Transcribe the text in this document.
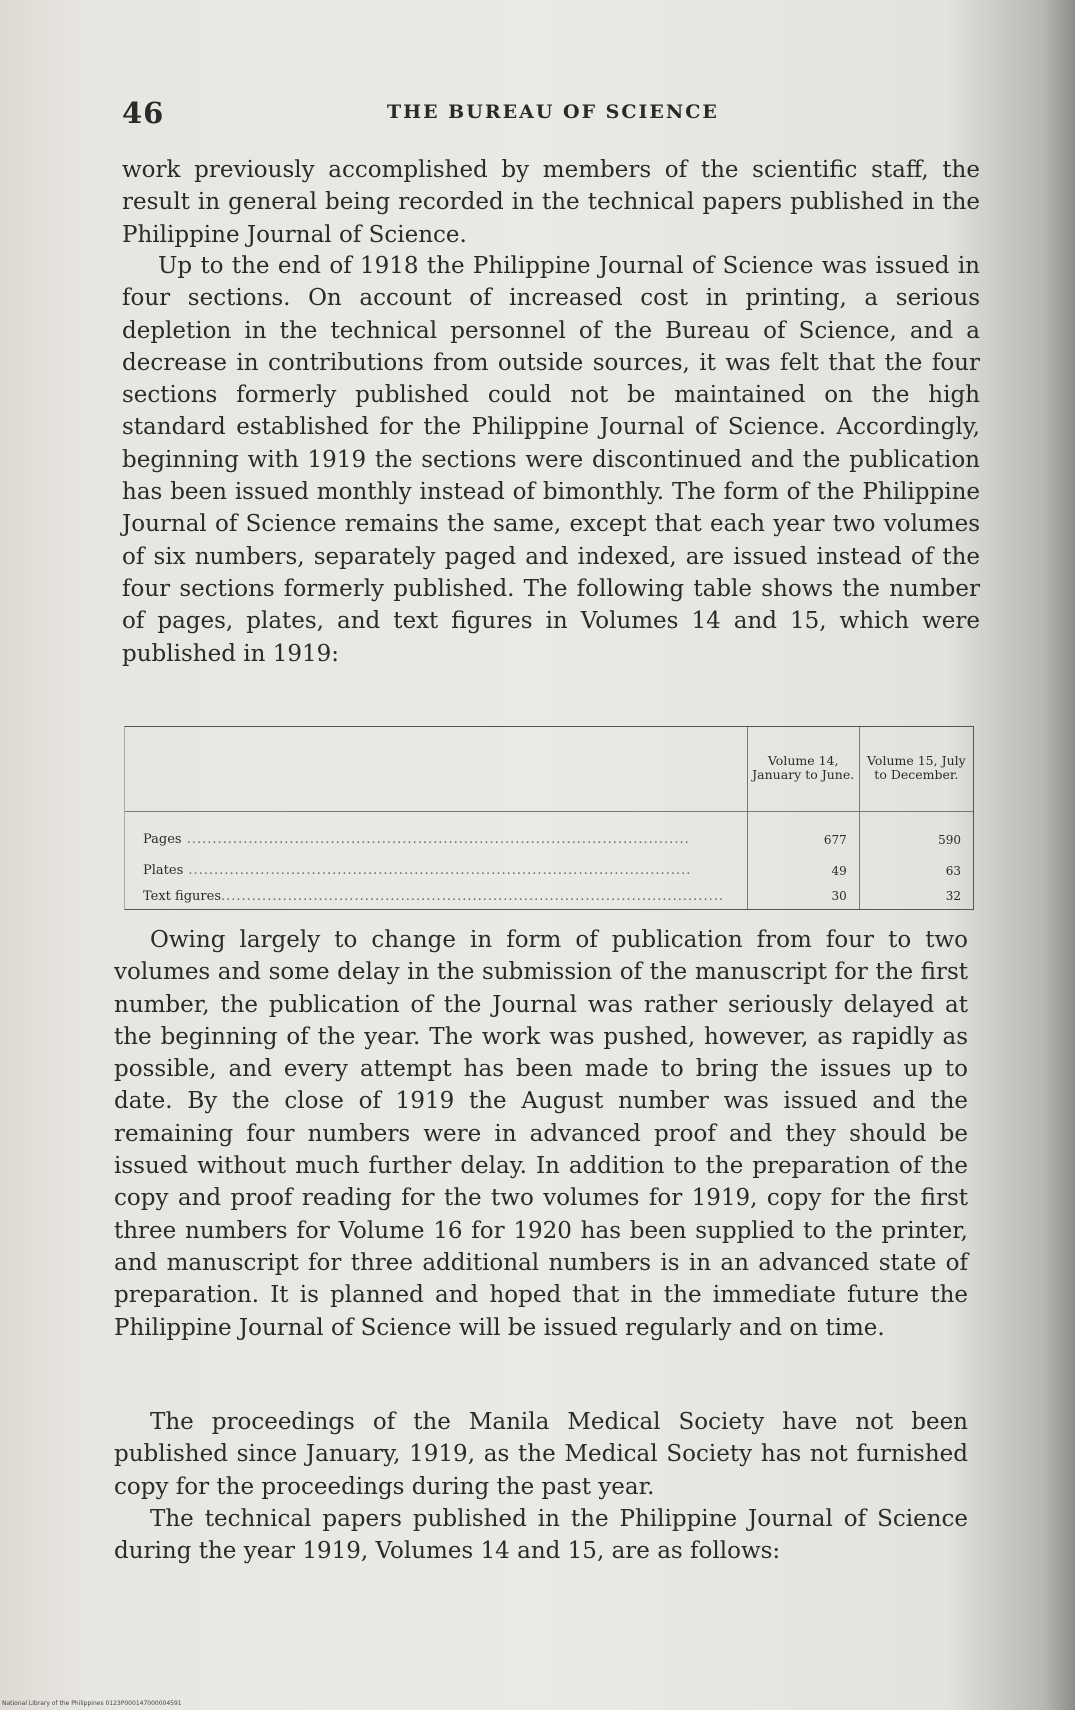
46	THE BUREAU OF SCIENCE

work previously accomplished by members of the scientific staff, the result in general being recorded in the technical papers published in the Philippine Journal of Science.

Up to the end of 1918 the Philippine Journal of Science was issued in four sections. On account of increased cost in printing, a serious depletion in the technical personnel of the Bureau of Science, and a decrease in contributions from outside sources, it was felt that the four sections formerly published could not be maintained on the high standard established for the Philippine Journal of Science. Accordingly, beginning with 1919 the sections were discontinued and the publication has been issued monthly instead of bimonthly. The form of the Philippine Journal of Science remains the same, except that each year two volumes of six numbers, separately paged and indexed, are issued instead of the four sections formerly published. The following table shows the number of pages, plates, and text figures in Volumes 14 and 15, which were published in 1919:

	Volume 14, January to June.	Volume 15, July to December.
Pages ..................................................................................................	677	590
Plates ..................................................................................................	49	63
Text figures..................................................................................................	30	32

Owing largely to change in form of publication from four to two volumes and some delay in the submission of the manuscript for the first number, the publication of the Journal was rather seriously delayed at the beginning of the year. The work was pushed, however, as rapidly as possible, and every attempt has been made to bring the issues up to date. By the close of 1919 the August number was issued and the remaining four numbers were in advanced proof and they should be issued without much further delay. In addition to the preparation of the copy and proof reading for the two volumes for 1919, copy for the first three numbers for Volume 16 for 1920 has been supplied to the printer, and manuscript for three additional numbers is in an advanced state of preparation. It is planned and hoped that in the immediate future the Philippine Journal of Science will be issued regularly and on time.

The proceedings of the Manila Medical Society have not been published since January, 1919, as the Medical Society has not furnished copy for the proceedings during the past year.

The technical papers published in the Philippine Journal of Science during the year 1919, Volumes 14 and 15, are as follows:

National Library of the Philippines 0123P000147000004591
